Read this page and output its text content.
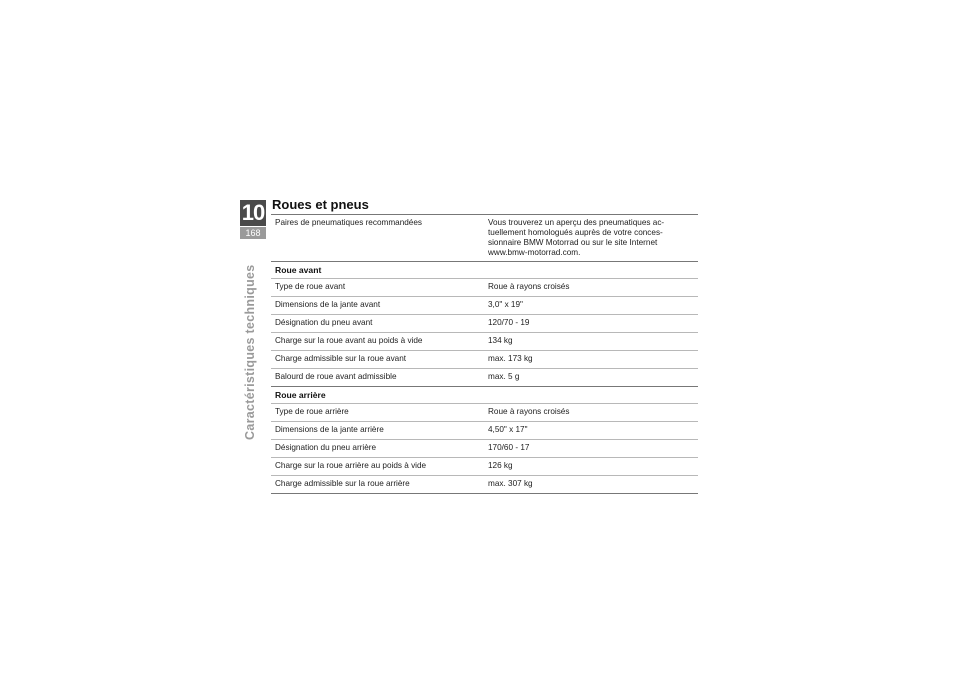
10
168
Caractéristiques techniques
Roues et pneus
Paires de pneumatiques recommandées	Vous trouverez un aperçu des pneumatiques ac-
tuellement homologués auprès de votre conces-
sionnaire BMW Motorrad ou sur le site Internet
www.bmw-motorrad.com.
Roue avant	
Type de roue avant	Roue à rayons croisés
Dimensions de la jante avant	3,0" x 19"
Désignation du pneu avant	120/70 - 19
Charge sur la roue avant au poids à vide	134 kg
Charge admissible sur la roue avant	max. 173 kg
Balourd de roue avant admissible	max. 5 g
Roue arrière	
Type de roue arrière	Roue à rayons croisés
Dimensions de la jante arrière	4,50" x 17"
Désignation du pneu arrière	170/60 - 17
Charge sur la roue arrière au poids à vide	126 kg
Charge admissible sur la roue arrière	max. 307 kg
